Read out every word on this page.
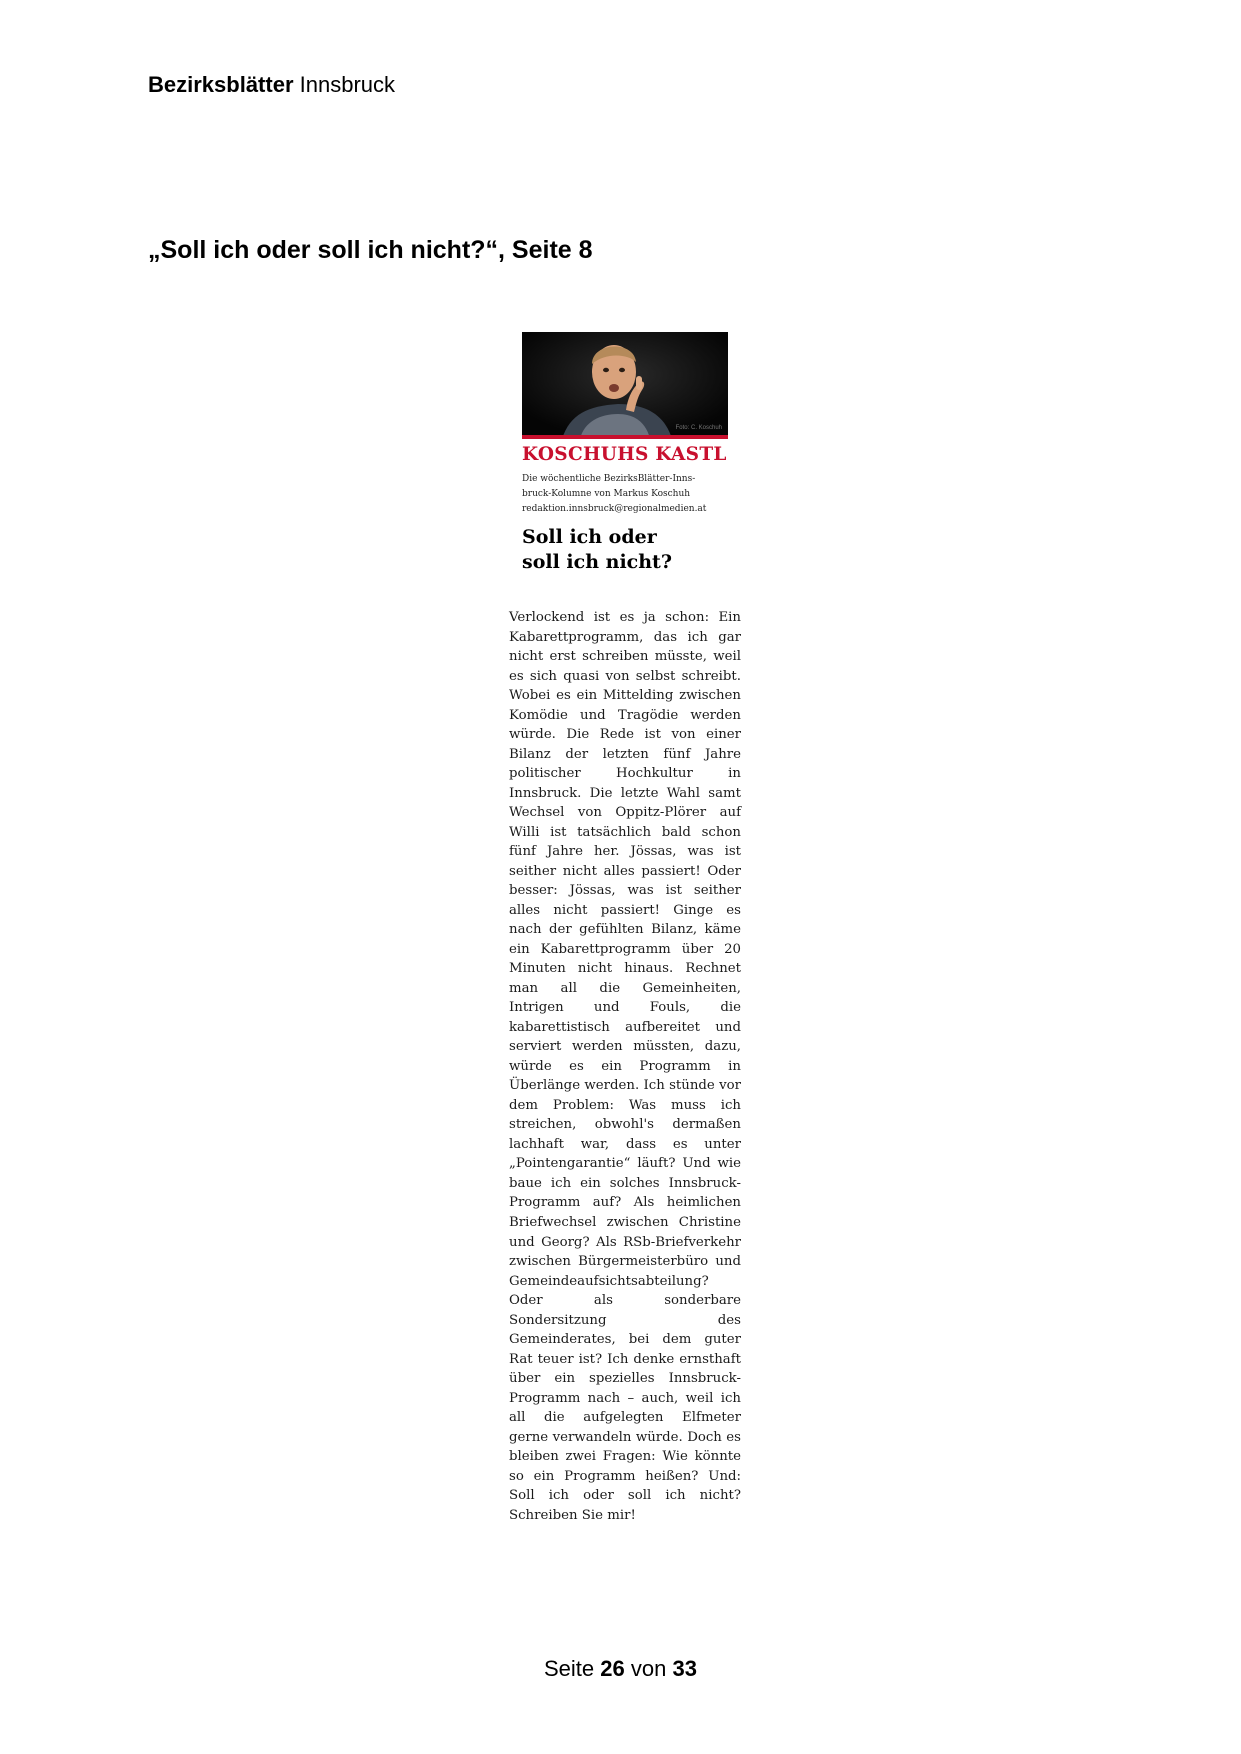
Bezirksblätter Innsbruck
„Soll ich oder soll ich nicht?“, Seite 8
Foto: C. Koschuh
KOSCHUHS KASTL
Die wöchentliche BezirksBlätter-Inns-
bruck-Kolumne von Markus Koschuh
redaktion.innsbruck@regionalmedien.at
Soll ich oder
soll ich nicht?
Verlockend ist es ja schon: Ein Kabarettprogramm, das ich gar nicht erst schreiben müsste, weil es sich quasi von selbst schreibt. Wobei es ein Mittelding zwischen Komödie und Tragödie werden würde. Die Rede ist von einer Bilanz der letzten fünf Jahre politischer Hochkultur in Innsbruck. Die letzte Wahl samt Wechsel von Oppitz-Plörer auf Willi ist tatsächlich bald schon fünf Jahre her. Jössas, was ist seither nicht alles passiert! Oder besser: Jössas, was ist seither alles nicht passiert! Ginge es nach der gefühlten Bilanz, käme ein Kabarettprogramm über 20 Minuten nicht hinaus. Rechnet man all die Gemeinheiten, Intrigen und Fouls, die kabarettistisch aufbereitet und serviert werden müssten, dazu, würde es ein Programm in Überlänge werden. Ich stünde vor dem Problem: Was muss ich streichen, obwohl's dermaßen lachhaft war, dass es unter „Pointengarantie“ läuft? Und wie baue ich ein solches Innsbruck-Programm auf? Als heimlichen Briefwechsel zwischen Christine und Georg? Als RSb-Briefverkehr zwischen Bürgermeisterbüro und Gemeindeaufsichtsabteilung? Oder als sonderbare Sondersitzung des Gemeinderates, bei dem guter Rat teuer ist? Ich denke ernsthaft über ein spezielles Innsbruck-Programm nach – auch, weil ich all die aufgelegten Elfmeter gerne verwandeln würde. Doch es bleiben zwei Fragen: Wie könnte so ein Programm heißen? Und: Soll ich oder soll ich nicht? Schreiben Sie mir!
Seite 26 von 33
